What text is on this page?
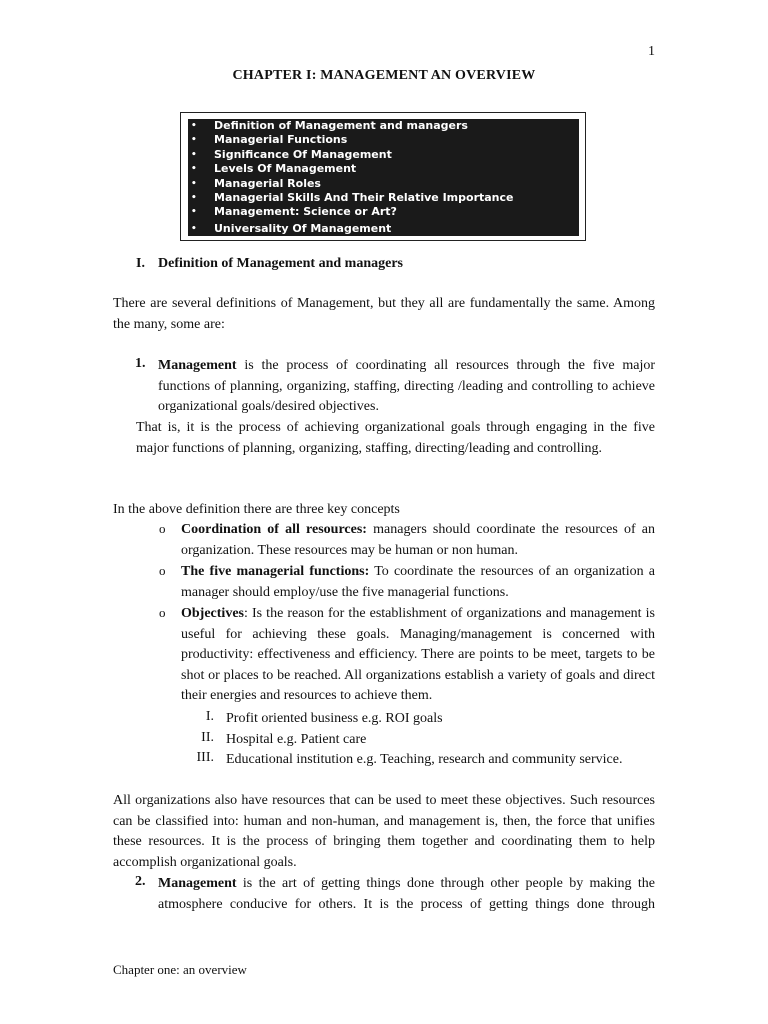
1
CHAPTER I: MANAGEMENT AN OVERVIEW
• Definition of Management and managers
• Managerial Functions
• Significance Of Management
• Levels Of Management
• Managerial Roles
• Managerial Skills And Their Relative Importance
• Management: Science or Art?
• Universality Of Management
I. Definition of Management and managers
There are several definitions of Management, but they all are fundamentally the same. Among the many, some are:
1. Management is the process of coordinating all resources through the five major functions of planning, organizing, staffing, directing /leading and controlling to achieve organizational goals/desired objectives.
That is, it is the process of achieving organizational goals through engaging in the five major functions of planning, organizing, staffing, directing/leading and controlling.
In the above definition there are three key concepts
o Coordination of all resources: managers should coordinate the resources of an organization. These resources may be human or non human.
o The five managerial functions: To coordinate the resources of an organization a manager should employ/use the five managerial functions.
o Objectives: Is the reason for the establishment of organizations and management is useful for achieving these goals. Managing/management is concerned with productivity: effectiveness and efficiency. There are points to be meet, targets to be shot or places to be reached. All organizations establish a variety of goals and direct their energies and resources to achieve them.
I. Profit oriented business e.g. ROI goals
II. Hospital e.g. Patient care
III. Educational institution e.g. Teaching, research and community service.
All organizations also have resources that can be used to meet these objectives. Such resources can be classified into: human and non-human, and management is, then, the force that unifies these resources. It is the process of bringing them together and coordinating them to help accomplish organizational goals.
2. Management is the art of getting things done through other people by making the atmosphere conducive for others. It is the process of getting things done through
Chapter one: an overview
